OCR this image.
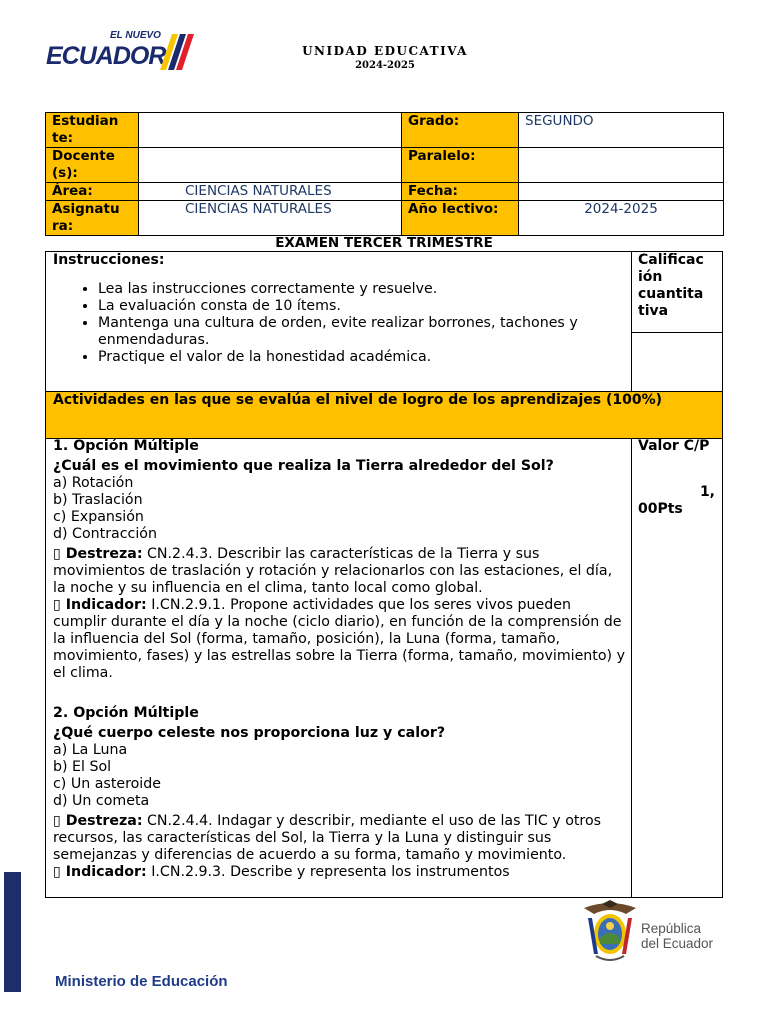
EL NUEVO
ECUADOR	UNIDAD EDUCATIVA
2024-2025
Estudian te:		Grado:	SEGUNDO
Docente (s):		Paralelo:	
Área:	CIENCIAS NATURALES	Fecha:	
Asignatu ra:	CIENCIAS NATURALES	Año lectivo:	2024-2025
EXAMEN TERCER TRIMESTRE
Instrucciones:
• Lea las instrucciones correctamente y resuelve.
• La evaluación consta de 10 ítems.
• Mantenga una cultura de orden, evite realizar borrones, tachones y enmendaduras.
• Practique el valor de la honestidad académica.
Calificac ión cuantita tiva
Actividades en las que se evalúa el nivel de logro de los aprendizajes (100%)
Valor C/P
1,
00Pts

1. Opción Múltiple

¿Cuál es el movimiento que realiza la Tierra alrededor del Sol?

a) Rotación

b) Traslación

c) Expansión

d) Contracción

▯ Destreza: CN.2.4.3. Describir las características de la Tierra y sus movimientos de traslación y rotación y relacionarlos con las estaciones, el día, la noche y su influencia en el clima, tanto local como global.

▯ Indicador: I.CN.2.9.1. Propone actividades que los seres vivos pueden cumplir durante el día y la noche (ciclo diario), en función de la comprensión de la influencia del Sol (forma, tamaño, posición), la Luna (forma, tamaño, movimiento, fases) y las estrellas sobre la Tierra (forma, tamaño, movimiento) y el clima.

2. Opción Múltiple

¿Qué cuerpo celeste nos proporciona luz y calor?

a) La Luna

b) El Sol

c) Un asteroide

d) Un cometa

▯ Destreza: CN.2.4.4. Indagar y describir, mediante el uso de las TIC y otros recursos, las características del Sol, la Tierra y la Luna y distinguir sus semejanzas y diferencias de acuerdo a su forma, tamaño y movimiento.

▯ Indicador: I.CN.2.9.3. Describe y representa los instrumentos

Ministerio de Educación
República
del Ecuador
